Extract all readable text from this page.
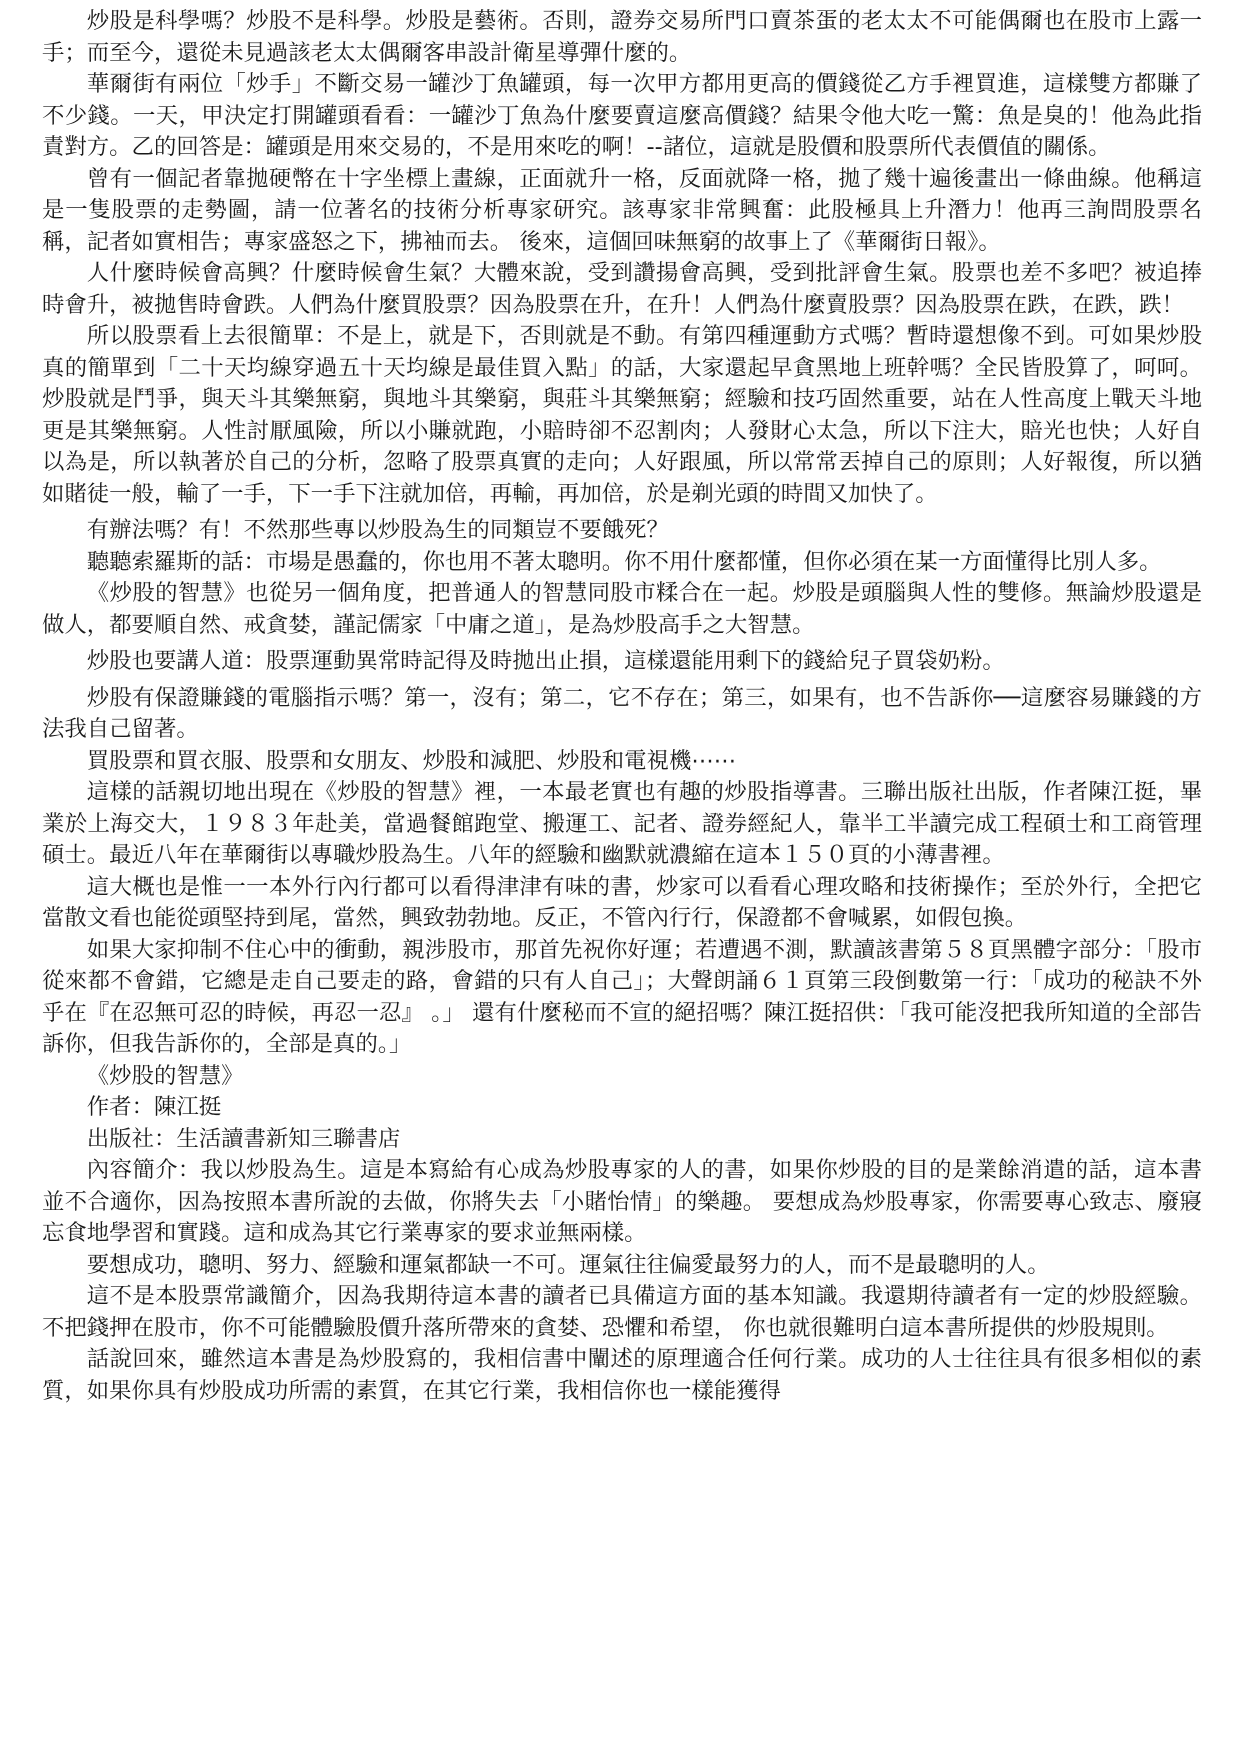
炒股是科學嗎？炒股不是科學。炒股是藝術。否則，證券交易所門口賣茶蛋的老太太不可能偶爾也在股市上露一手；而至今，還從未見過該老太太偶爾客串設計衛星導彈什麼的。

華爾街有兩位「炒手」不斷交易一罐沙丁魚罐頭，每一次甲方都用更高的價錢從乙方手裡買進，這樣雙方都賺了不少錢。一天，甲決定打開罐頭看看：一罐沙丁魚為什麼要賣這麼高價錢？結果令他大吃一驚：魚是臭的！他為此指責對方。乙的回答是：罐頭是用來交易的，不是用來吃的啊！--諸位，這就是股價和股票所代表價值的關係。

曾有一個記者靠拋硬幣在十字坐標上畫線，正面就升一格，反面就降一格，拋了幾十遍後畫出一條曲線。他稱這是一隻股票的走勢圖，請一位著名的技術分析專家研究。該專家非常興奮：此股極具上升潛力！他再三詢問股票名稱，記者如實相告；專家盛怒之下，拂袖而去。 後來，這個回味無窮的故事上了《華爾街日報》。

人什麼時候會高興？什麼時候會生氣？大體來說，受到讚揚會高興，受到批評會生氣。股票也差不多吧？被追捧時會升，被拋售時會跌。人們為什麼買股票？因為股票在升，在升！人們為什麼賣股票？因為股票在跌，在跌，跌！

所以股票看上去很簡單：不是上，就是下，否則就是不動。有第四種運動方式嗎？暫時還想像不到。可如果炒股真的簡單到「二十天均線穿過五十天均線是最佳買入點」的話，大家還起早貪黑地上班幹嗎？全民皆股算了，呵呵。炒股就是鬥爭，與天斗其樂無窮，與地斗其樂窮，與莊斗其樂無窮；經驗和技巧固然重要，站在人性高度上戰天斗地更是其樂無窮。人性討厭風險，所以小賺就跑，小賠時卻不忍割肉；人發財心太急，所以下注大，賠光也快；人好自以為是，所以執著於自己的分析，忽略了股票真實的走向；人好跟風，所以常常丟掉自己的原則；人好報復，所以猶如賭徒一般，輸了一手，下一手下注就加倍，再輸，再加倍，於是剃光頭的時間又加快了。

有辦法嗎？有！不然那些專以炒股為生的同類豈不要餓死？

聽聽索羅斯的話：市場是愚蠢的，你也用不著太聰明。你不用什麼都懂，但你必須在某一方面懂得比別人多。

《炒股的智慧》也從另一個角度，把普通人的智慧同股市糅合在一起。炒股是頭腦與人性的雙修。無論炒股還是做人，都要順自然、戒貪婪，謹記儒家「中庸之道」，是為炒股高手之大智慧。

炒股也要講人道：股票運動異常時記得及時拋出止損，這樣還能用剩下的錢給兒子買袋奶粉。

炒股有保證賺錢的電腦指示嗎？第一，沒有；第二，它不存在；第三，如果有，也不告訴你──這麼容易賺錢的方法我自己留著。

買股票和買衣服、股票和女朋友、炒股和減肥、炒股和電視機⋯⋯

這樣的話親切地出現在《炒股的智慧》裡，一本最老實也有趣的炒股指導書。三聯出版社出版，作者陳江挺，畢業於上海交大，１９８３年赴美，當過餐館跑堂、搬運工、記者、證券經紀人，靠半工半讀完成工程碩士和工商管理碩士。最近八年在華爾街以專職炒股為生。八年的經驗和幽默就濃縮在這本１５０頁的小薄書裡。

這大概也是惟一一本外行內行都可以看得津津有味的書，炒家可以看看心理攻略和技術操作；至於外行，全把它當散文看也能從頭堅持到尾，當然，興致勃勃地。反正，不管內行行，保證都不會喊累，如假包換。

如果大家抑制不住心中的衝動，親涉股市，那首先祝你好運；若遭遇不測，默讀該書第５８頁黑體字部分：「股市從來都不會錯，它總是走自己要走的路，會錯的只有人自己」；大聲朗誦６１頁第三段倒數第一行：「成功的秘訣不外乎在『在忍無可忍的時候，再忍一忍』 。」 還有什麼秘而不宣的絕招嗎？陳江挺招供：「我可能沒把我所知道的全部告訴你，但我告訴你的，全部是真的。」

《炒股的智慧》

作者：陳江挺

出版社：生活讀書新知三聯書店

內容簡介：我以炒股為生。這是本寫給有心成為炒股專家的人的書，如果你炒股的目的是業餘消遣的話，這本書並不合適你，因為按照本書所說的去做，你將失去「小賭怡情」的樂趣。 要想成為炒股專家，你需要專心致志、廢寢忘食地學習和實踐。這和成為其它行業專家的要求並無兩樣。

要想成功，聰明、努力、經驗和運氣都缺一不可。運氣往往偏愛最努力的人，而不是最聰明的人。

這不是本股票常識簡介，因為我期待這本書的讀者已具備這方面的基本知識。我還期待讀者有一定的炒股經驗。不把錢押在股市，你不可能體驗股價升落所帶來的貪婪、恐懼和希望， 你也就很難明白這本書所提供的炒股規則。

話說回來，雖然這本書是為炒股寫的，我相信書中闡述的原理適合任何行業。成功的人士往往具有很多相似的素質，如果你具有炒股成功所需的素質，在其它行業，我相信你也一樣能獲得
